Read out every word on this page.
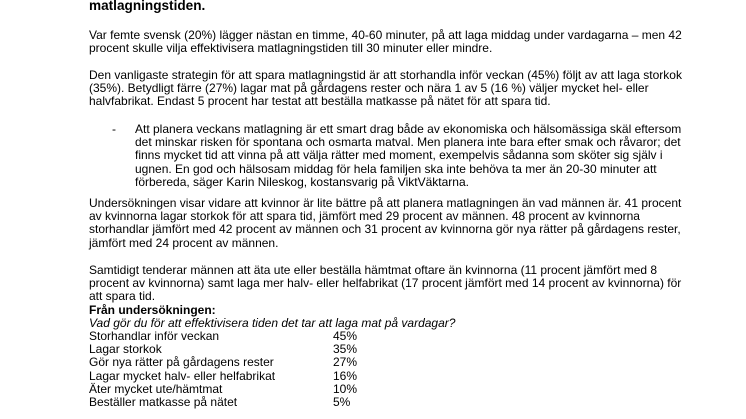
matlagningstiden.

Var femte svensk (20%) lägger nästan en timme, 40-60 minuter, på att laga middag under vardagarna – men 42
procent skulle vilja effektivisera matlagningstiden till 30 minuter eller mindre.

Den vanligaste strategin för att spara matlagningstid är att storhandla inför veckan (45%) följt av att laga storkok
(35%). Betydligt färre (27%) lagar mat på gårdagens rester och nära 1 av 5 (16 %) väljer mycket hel- eller
halvfabrikat. Endast 5 procent har testat att beställa matkasse på nätet för att spara tid.

- Att planera veckans matlagning är ett smart drag både av ekonomiska och hälsomässiga skäl eftersom
det minskar risken för spontana och osmarta matval. Men planera inte bara efter smak och råvaror; det
finns mycket tid att vinna på att välja rätter med moment, exempelvis sådanna som sköter sig själv i
ugnen. En god och hälsosam middag för hela familjen ska inte behöva ta mer än 20-30 minuter att
förbereda, säger Karin Nileskog, kostansvarig på ViktVäktarna.

Undersökningen visar vidare att kvinnor är lite bättre på att planera matlagningen än vad männen är. 41 procent
av kvinnorna lagar storkok för att spara tid, jämfört med 29 procent av männen. 48 procent av kvinnorna
storhandlar jämfört med 42 procent av männen och 31 procent av kvinnorna gör nya rätter på gårdagens rester,
jämfört med 24 procent av männen.

Samtidigt tenderar männen att äta ute eller beställa hämtmat oftare än kvinnorna (11 procent jämfört med 8
procent av kvinnorna) samt laga mer halv- eller helfabrikat (17 procent jämfört med 14 procent av kvinnorna) för
att spara tid.

Från undersökningen:

Vad gör du för att effektivisera tiden det tar att laga mat på vardagar?

Storhandlar inför veckan	45%
Lagar storkok	35%
Gör nya rätter på gårdagens rester	27%
Lagar mycket halv- eller helfabrikat	16%
Äter mycket ute/hämtmat	10%
Beställer matkasse på nätet	5%
